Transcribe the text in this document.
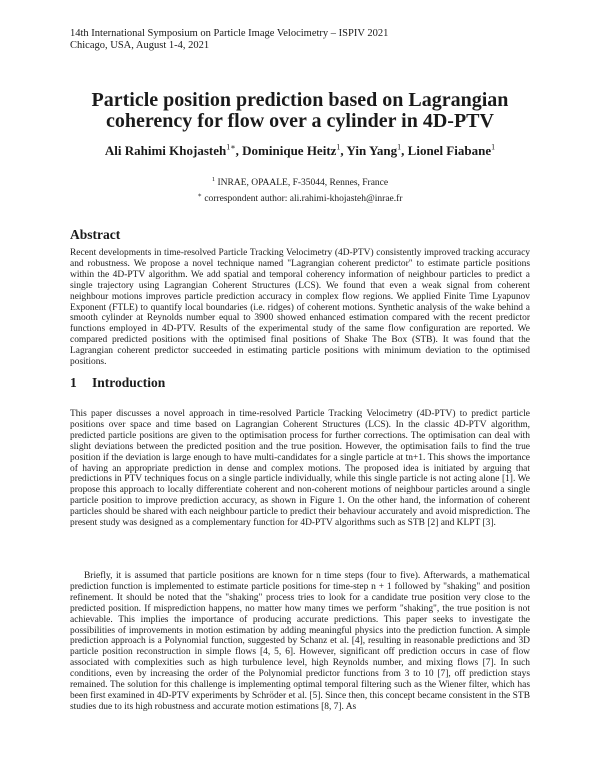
14th International Symposium on Particle Image Velocimetry – ISPIV 2021
Chicago, USA, August 1-4, 2021
Particle position prediction based on Lagrangian coherency for flow over a cylinder in 4D-PTV
Ali Rahimi Khojasteh$^{1∗}$, Dominique Heitz$^1$, Yin Yang$^1$, Lionel Fiabane$^1$
$^1$ INRAE, OPAALE, F-35044, Rennes, France
∗ correspondent author: ali.rahimi-khojasteh@inrae.fr
Abstract
Recent developments in time-resolved Particle Tracking Velocimetry (4D-PTV) consistently improved tracking accuracy and robustness. We propose a novel technique named "Lagrangian coherent predictor" to estimate particle positions within the 4D-PTV algorithm. We add spatial and temporal coherency information of neighbour particles to predict a single trajectory using Lagrangian Coherent Structures (LCS). We found that even a weak signal from coherent neighbour motions improves particle prediction accuracy in complex flow regions. We applied Finite Time Lyapunov Exponent (FTLE) to quantify local boundaries (i.e. ridges) of coherent motions. Synthetic analysis of the wake behind a smooth cylinder at Reynolds number equal to 3900 showed enhanced estimation compared with the recent predictor functions employed in 4D-PTV. Results of the experimental study of the same flow configuration are reported. We compared predicted positions with the optimised final positions of Shake The Box (STB). It was found that the Lagrangian coherent predictor succeeded in estimating particle positions with minimum deviation to the optimised positions.
1 Introduction
This paper discusses a novel approach in time-resolved Particle Tracking Velocimetry (4D-PTV) to predict particle positions over space and time based on Lagrangian Coherent Structures (LCS). In the classic 4D-PTV algorithm, predicted particle positions are given to the optimisation process for further corrections. The optimisation can deal with slight deviations between the predicted position and the true position. However, the optimisation fails to find the true position if the deviation is large enough to have multi-candidates for a single particle at tn+1. This shows the importance of having an appropriate prediction in dense and complex motions. The proposed idea is initiated by arguing that predictions in PTV techniques focus on a single particle individually, while this single particle is not acting alone [1]. We propose this approach to locally differentiate coherent and non-coherent motions of neighbour particles around a single particle position to improve prediction accuracy, as shown in Figure 1. On the other hand, the information of coherent particles should be shared with each neighbour particle to predict their behaviour accurately and avoid misprediction. The present study was designed as a complementary function for 4D-PTV algorithms such as STB [2] and KLPT [3].
Briefly, it is assumed that particle positions are known for n time steps (four to five). Afterwards, a mathematical prediction function is implemented to estimate particle positions for time-step n + 1 followed by "shaking" and position refinement. It should be noted that the "shaking" process tries to look for a candidate true position very close to the predicted position. If misprediction happens, no matter how many times we perform "shaking", the true position is not achievable. This implies the importance of producing accurate predictions. This paper seeks to investigate the possibilities of improvements in motion estimation by adding meaningful physics into the prediction function. A simple prediction approach is a Polynomial function, suggested by Schanz et al. [4], resulting in reasonable predictions and 3D particle position reconstruction in simple flows [4, 5, 6]. However, significant off prediction occurs in case of flow associated with complexities such as high turbulence level, high Reynolds number, and mixing flows [7]. In such conditions, even by increasing the order of the Polynomial predictor functions from 3 to 10 [7], off prediction stays remained. The solution for this challenge is implementing optimal temporal filtering such as the Wiener filter, which has been first examined in 4D-PTV experiments by Schröder et al. [5]. Since then, this concept became consistent in the STB studies due to its high robustness and accurate motion estimations [8, 7]. As
